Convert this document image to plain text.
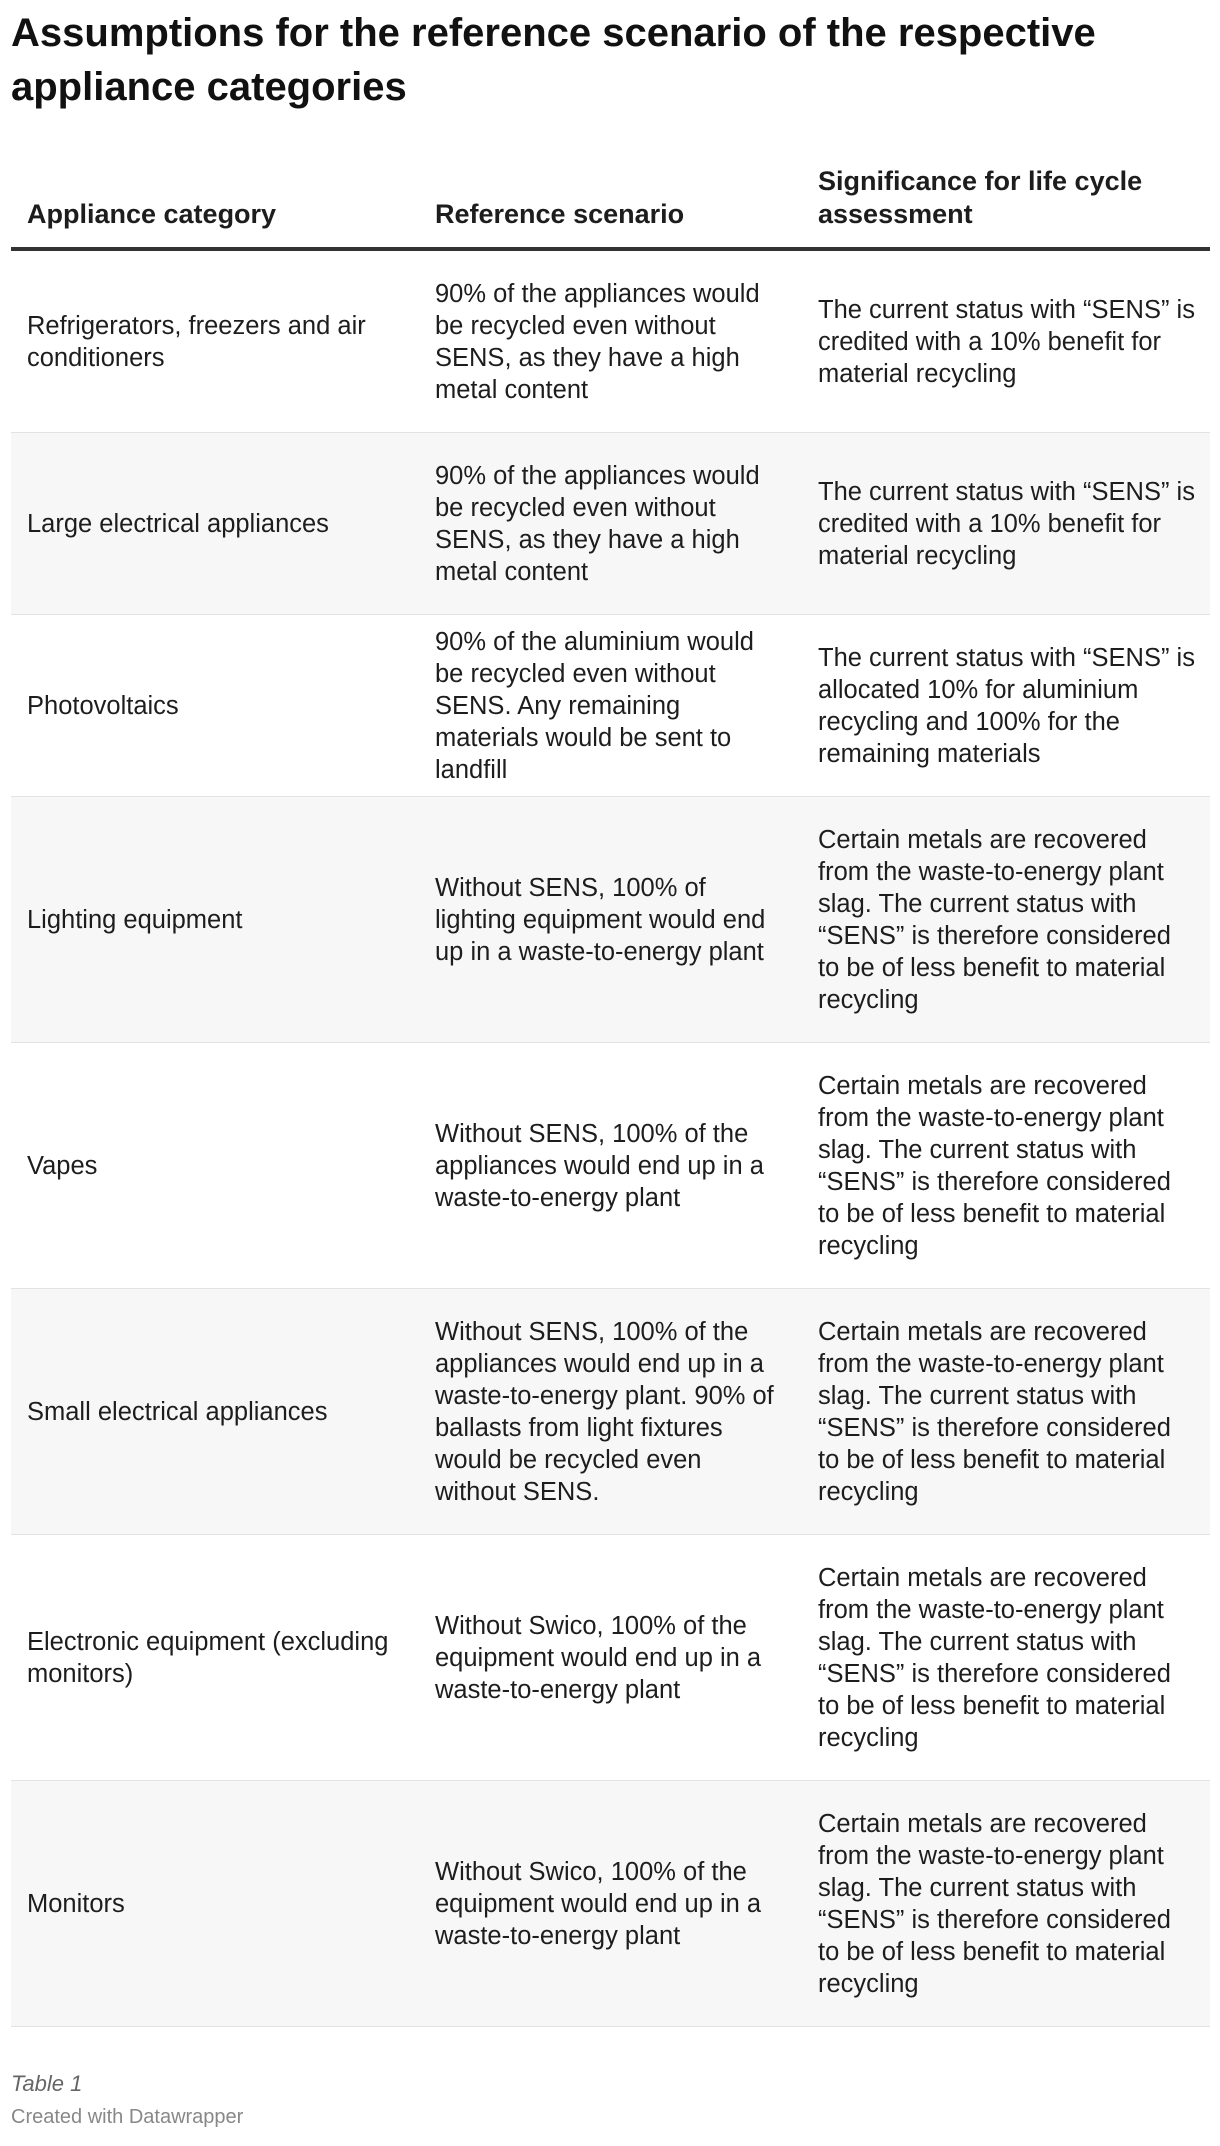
Assumptions for the reference scenario of the respective appliance categories
Appliance category	Reference scenario	Significance for life cycle assessment
Refrigerators, freezers and air conditioners	90% of the appliances would be recycled even without SENS, as they have a high metal content	The current status with “SENS” is credited with a 10% benefit for material recycling
Large electrical appliances	90% of the appliances would be recycled even without SENS, as they have a high metal content	The current status with “SENS” is credited with a 10% benefit for material recycling
Photovoltaics	90% of the aluminium would be recycled even without SENS. Any remaining materials would be sent to landfill	The current status with “SENS” is allocated 10% for aluminium recycling and 100% for the remaining materials
Lighting equipment	Without SENS, 100% of lighting equipment would end up in a waste-to-energy plant	Certain metals are recovered from the waste-to-energy plant slag. The current status with “SENS” is therefore considered to be of less benefit to material recycling
Vapes	Without SENS, 100% of the appliances would end up in a waste-to-energy plant	Certain metals are recovered from the waste-to-energy plant slag. The current status with “SENS” is therefore considered to be of less benefit to material recycling
Small electrical appliances	Without SENS, 100% of the appliances would end up in a waste-to-energy plant. 90% of ballasts from light fixtures would be recycled even without SENS.	Certain metals are recovered from the waste-to-energy plant slag. The current status with “SENS” is therefore considered to be of less benefit to material recycling
Electronic equipment (excluding monitors)	Without Swico, 100% of the equipment would end up in a waste-to-energy plant	Certain metals are recovered from the waste-to-energy plant slag. The current status with “SENS” is therefore considered to be of less benefit to material recycling
Monitors	Without Swico, 100% of the equipment would end up in a waste-to-energy plant	Certain metals are recovered from the waste-to-energy plant slag. The current status with “SENS” is therefore considered to be of less benefit to material recycling
Table 1
Created with Datawrapper
